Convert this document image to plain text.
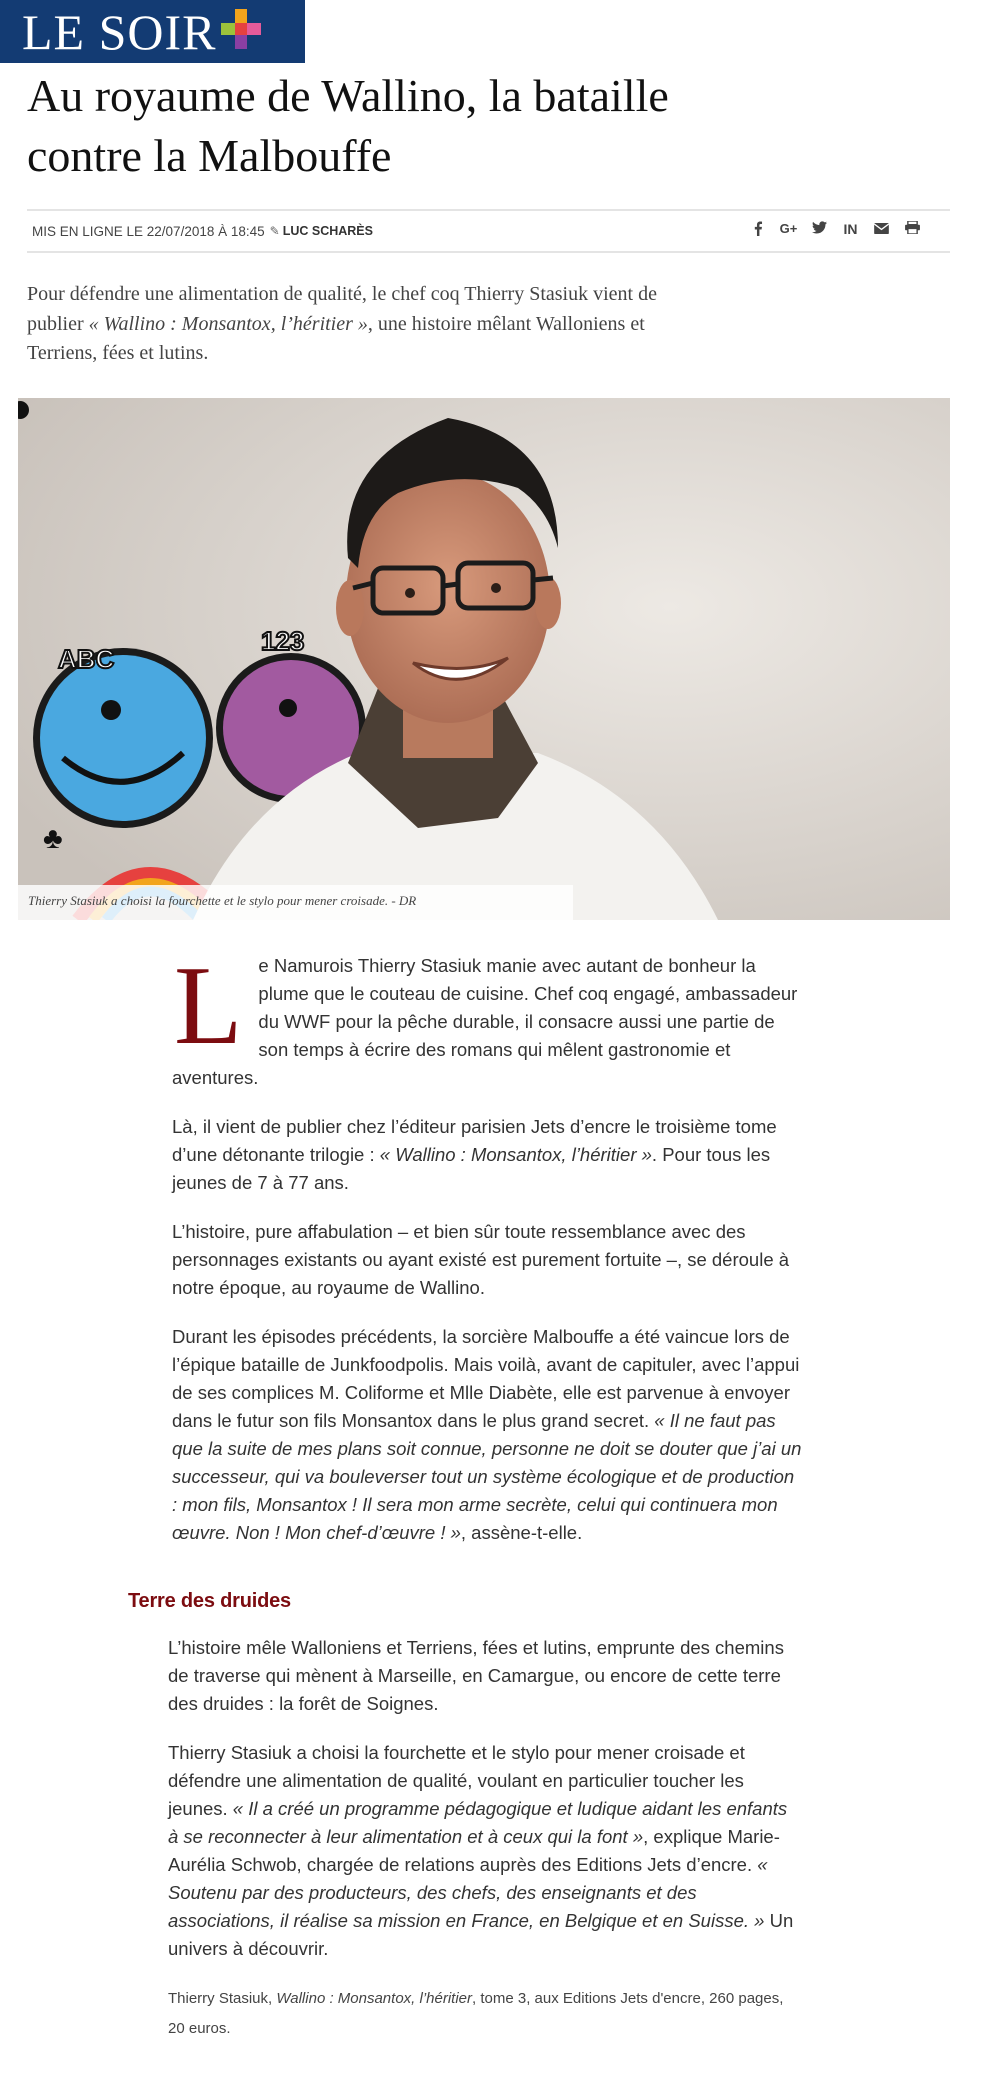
LE SOIR
Au royaume de Wallino, la bataille contre la Malbouffe
MIS EN LIGNE LE 22/07/2018 À 18:45 ✎ LUC SCHARÈS	G+	IN

Pour défendre une alimentation de qualité, le chef coq Thierry Stasiuk vient de publier « Wallino : Monsantox, l’héritier », une histoire mêlant Walloniens et Terriens, fées et lutins.

ABC
123
♣
Thierry Stasiuk a choisi la fourchette et le stylo pour mener croisade. - DR

Le Namurois Thierry Stasiuk manie avec autant de bonheur la plume que le couteau de cuisine. Chef coq engagé, ambassadeur du WWF pour la pêche durable, il consacre aussi une partie de son temps à écrire des romans qui mêlent gastronomie et aventures.

Là, il vient de publier chez l’éditeur parisien Jets d’encre le troisième tome d’une détonante trilogie : « Wallino : Monsantox, l’héritier ». Pour tous les jeunes de 7 à 77 ans.

L’histoire, pure affabulation – et bien sûr toute ressemblance avec des personnages existants ou ayant existé est purement fortuite –, se déroule à notre époque, au royaume de Wallino.

Durant les épisodes précédents, la sorcière Malbouffe a été vaincue lors de l’épique bataille de Junkfoodpolis. Mais voilà, avant de capituler, avec l’appui de ses complices M. Coliforme et Mlle Diabète, elle est parvenue à envoyer dans le futur son fils Monsantox dans le plus grand secret. « Il ne faut pas que la suite de mes plans soit connue, personne ne doit se douter que j’ai un successeur, qui va bouleverser tout un système écologique et de production : mon fils, Monsantox ! Il sera mon arme secrète, celui qui continuera mon œuvre. Non ! Mon chef-d’œuvre ! », assène-t-elle.

Terre des druides

L’histoire mêle Walloniens et Terriens, fées et lutins, emprunte des chemins de traverse qui mènent à Marseille, en Camargue, ou encore de cette terre des druides : la forêt de Soignes.

Thierry Stasiuk a choisi la fourchette et le stylo pour mener croisade et défendre une alimentation de qualité, voulant en particulier toucher les jeunes. « Il a créé un programme pédagogique et ludique aidant les enfants à se reconnecter à leur alimentation et à ceux qui la font », explique Marie-Aurélia Schwob, chargée de relations auprès des Editions Jets d’encre. « Soutenu par des producteurs, des chefs, des enseignants et des associations, il réalise sa mission en France, en Belgique et en Suisse. » Un univers à découvrir.

Thierry Stasiuk, Wallino : Monsantox, l’héritier, tome 3, aux Editions Jets d'encre, 260 pages, 20 euros.
